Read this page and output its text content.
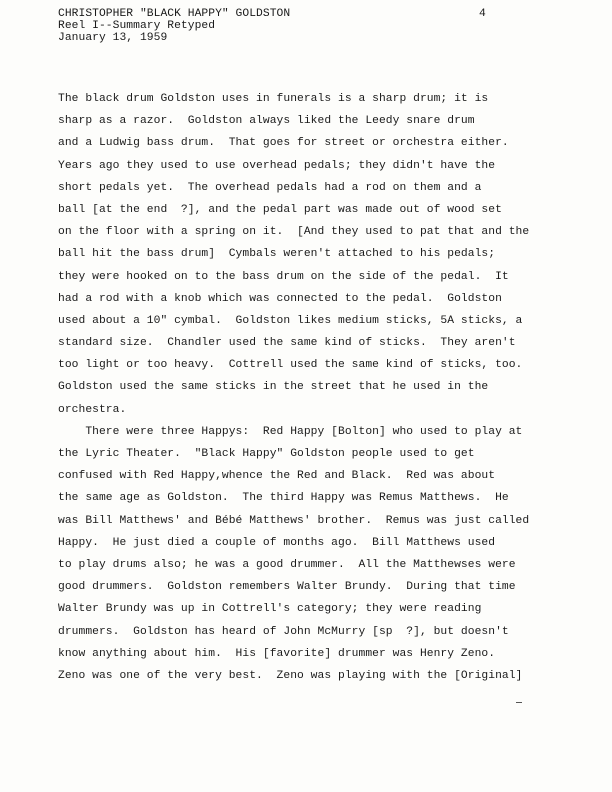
CHRISTOPHER "BLACK HAPPY" GOLDSTON
Reel I--Summary Retyped
January 13, 1959
4
The black drum Goldston uses in funerals is a sharp drum; it is
sharp as a razor.  Goldston always liked the Leedy snare drum
and a Ludwig bass drum.  That goes for street or orchestra either.
Years ago they used to use overhead pedals; they didn't have the
short pedals yet.  The overhead pedals had a rod on them and a
ball [at the end  ?], and the pedal part was made out of wood set
on the floor with a spring on it.  [And they used to pat that and the
ball hit the bass drum]  Cymbals weren't attached to his pedals;
they were hooked on to the bass drum on the side of the pedal.  It
had a rod with a knob which was connected to the pedal.  Goldston
used about a 10" cymbal.  Goldston likes medium sticks, 5A sticks, a
standard size.  Chandler used the same kind of sticks.  They aren't
too light or too heavy.  Cottrell used the same kind of sticks, too.
Goldston used the same sticks in the street that he used in the
orchestra.
There were three Happys:  Red Happy [Bolton] who used to play at
the Lyric Theater.  "Black Happy" Goldston people used to get
confused with Red Happy,whence the Red and Black.  Red was about
the same age as Goldston.  The third Happy was Remus Matthews.  He
was Bill Matthews' and Bébé Matthews' brother.  Remus was just called
Happy.  He just died a couple of months ago.  Bill Matthews used
to play drums also; he was a good drummer.  All the Matthewses were
good drummers.  Goldston remembers Walter Brundy.  During that time
Walter Brundy was up in Cottrell's category; they were reading
drummers.  Goldston has heard of John McMurry [sp  ?], but doesn't
know anything about him.  His [favorite] drummer was Henry Zeno.
Zeno was one of the very best.  Zeno was playing with the [Original]
